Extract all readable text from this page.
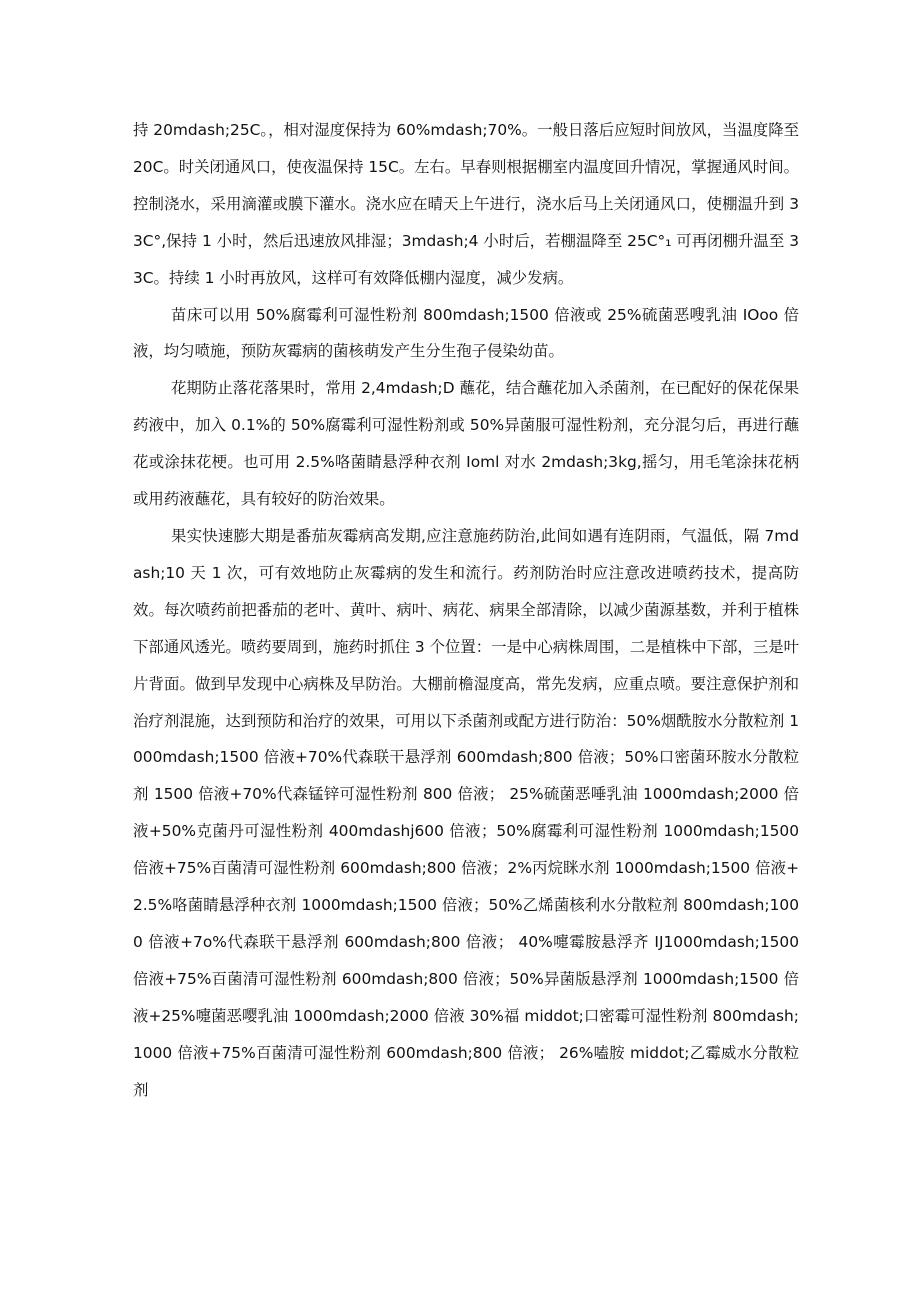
持 20mdash;25C。，相对湿度保持为 60%mdash;70%。一般日落后应短时间放风，当温度降至 20C。时关闭通风口，使夜温保持 15C。左右。早春则根据棚室内温度回升情况，掌握通风时间。控制浇水，采用滴灌或膜下灌水。浇水应在晴天上午进行，浇水后马上关闭通风口，使棚温升到 33C°,保持 1 小时，然后迅速放风排湿；3mdash;4 小时后，若棚温降至 25C°₁ 可再闭棚升温至 33C。持续 1 小时再放风，这样可有效降低棚内湿度，减少发病。

苗床可以用 50%腐霉利可湿性粉剂 800mdash;1500 倍液或 25%硫菌恶嗖乳油 IOoo 倍液，均匀喷施，预防灰霉病的菌核萌发产生分生孢子侵染幼苗。

花期防止落花落果时，常用 2,4mdash;D 蘸花，结合蘸花加入杀菌剂，在已配好的保花保果药液中，加入 0.1%的 50%腐霉利可湿性粉剂或 50%异菌服可湿性粉剂，充分混匀后，再进行蘸花或涂抹花梗。也可用 2.5%咯菌睛悬浮种衣剂 Ioml 对水 2mdash;3kg,摇匀，用毛笔涂抹花柄或用药液蘸花，具有较好的防治效果。

果实快速膨大期是番茄灰霉病高发期,应注意施药防治,此间如遇有连阴雨，气温低，隔 7mdash;10 天 1 次，可有效地防止灰霉病的发生和流行。药剂防治时应注意改进喷药技术，提高防效。每次喷药前把番茄的老叶、黄叶、病叶、病花、病果全部清除，以减少菌源基数，并利于植株下部通风透光。喷药要周到，施药时抓住 3 个位置：一是中心病株周围，二是植株中下部，三是叶片背面。做到早发现中心病株及早防治。大棚前檐湿度高，常先发病，应重点喷。要注意保护剂和治疗剂混施，达到预防和治疗的效果，可用以下杀菌剂或配方进行防治：50%烟酰胺水分散粒剂 1000mdash;1500 倍液+70%代森联干悬浮剂 600mdash;800 倍液；50%口密菌环胺水分散粒剂 1500 倍液+70%代森锰锌可湿性粉剂 800 倍液； 25%硫菌恶唾乳油 1000mdash;2000 倍液+50%克菌丹可湿性粉剂 400mdashj600 倍液；50%腐霉利可湿性粉剂 1000mdash;1500 倍液+75%百菌清可湿性粉剂 600mdash;800 倍液；2%丙烷眯水剂 1000mdash;1500 倍液+2.5%咯菌睛悬浮种衣剂 1000mdash;1500 倍液；50%乙烯菌核利水分散粒剂 800mdash;1000 倍液+7o%代森联干悬浮剂 600mdash;800 倍液； 40%嚏霉胺悬浮齐 IJ1000mdash;1500 倍液+75%百菌清可湿性粉剂 600mdash;800 倍液；50%异菌版悬浮剂 1000mdash;1500 倍液+25%嚏菌恶嘤乳油 1000mdash;2000 倍液 30%福 middot;口密霉可湿性粉剂 800mdash;1000 倍液+75%百菌清可湿性粉剂 600mdash;800 倍液； 26%嗑胺 middot;乙霉威水分散粒剂
